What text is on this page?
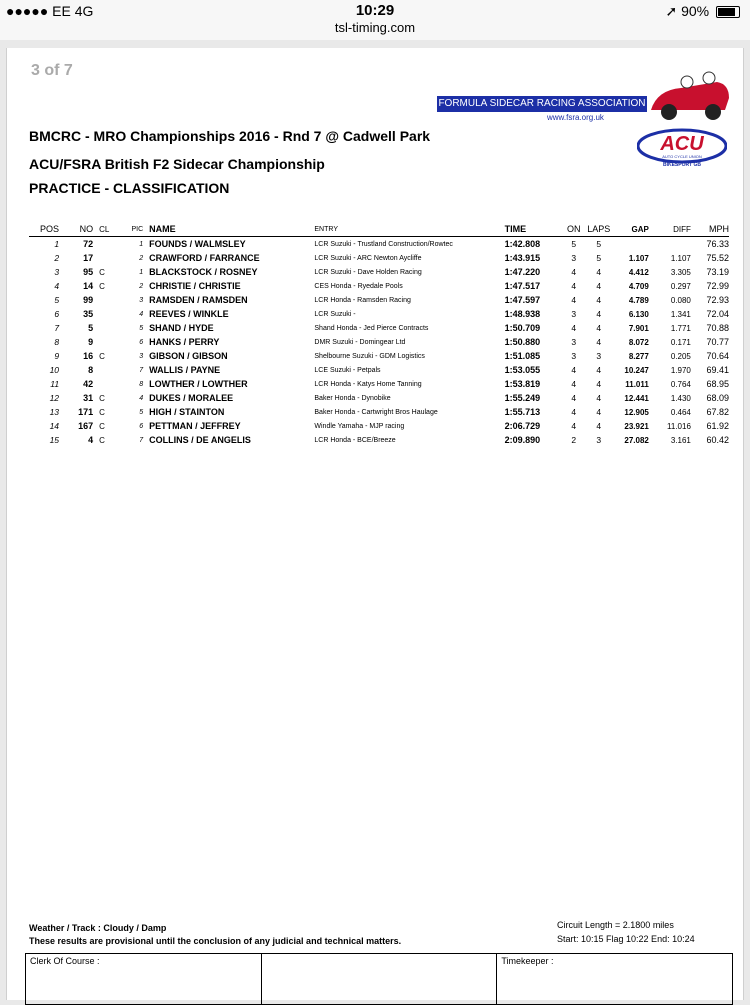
●●●●● EE 4G	10:29
tsl-timing.com
➚ 90%
3 of 7
FORMULA SIDECAR RACING ASSOCIATION
www.fsra.org.uk
ACU
AUTO CYCLE UNION
BIKESPORT GB
BMCRC - MRO Championships 2016 - Rnd 7 @ Cadwell Park
ACU/FSRA British F2 Sidecar Championship
PRACTICE - CLASSIFICATION
POS	NO	CL	PIC	NAME	ENTRY	TIME	ON	LAPS	GAP	DIFF	MPH
1	72		1	FOUNDS / WALMSLEY	LCR Suzuki - Trustland Construction/Rowtec	1:42.808	5	5			76.33
2	17		2	CRAWFORD / FARRANCE	LCR Suzuki - ARC Newton Aycliffe	1:43.915	3	5	1.107	1.107	75.52
3	95	C	1	BLACKSTOCK / ROSNEY	LCR Suzuki - Dave Holden Racing	1:47.220	4	4	4.412	3.305	73.19
4	14	C	2	CHRISTIE / CHRISTIE	CES Honda - Ryedale Pools	1:47.517	4	4	4.709	0.297	72.99
5	99		3	RAMSDEN / RAMSDEN	LCR Honda - Ramsden Racing	1:47.597	4	4	4.789	0.080	72.93
6	35		4	REEVES / WINKLE	LCR Suzuki -	1:48.938	3	4	6.130	1.341	72.04
7	5		5	SHAND / HYDE	Shand Honda - Jed Pierce Contracts	1:50.709	4	4	7.901	1.771	70.88
8	9		6	HANKS / PERRY	DMR Suzuki - Domingear Ltd	1:50.880	3	4	8.072	0.171	70.77
9	16	C	3	GIBSON / GIBSON	Shelbourne Suzuki - GDM Logistics	1:51.085	3	3	8.277	0.205	70.64
10	8		7	WALLIS / PAYNE	LCE Suzuki - Petpals	1:53.055	4	4	10.247	1.970	69.41
11	42		8	LOWTHER / LOWTHER	LCR Honda - Katys Home Tanning	1:53.819	4	4	11.011	0.764	68.95
12	31	C	4	DUKES / MORALEE	Baker Honda - Dynobike	1:55.249	4	4	12.441	1.430	68.09
13	171	C	5	HIGH / STAINTON	Baker Honda - Cartwright Bros Haulage	1:55.713	4	4	12.905	0.464	67.82
14	167	C	6	PETTMAN / JEFFREY	Windle Yamaha - MJP racing	2:06.729	4	4	23.921	11.016	61.92
15	4	C	7	COLLINS / DE ANGELIS	LCR Honda - BCE/Breeze	2:09.890	2	3	27.082	3.161	60.42
Weather / Track : Cloudy / Damp
These results are provisional until the conclusion of any judicial and technical matters.
Circuit Length = 2.1800 miles
Start: 10:15 Flag 10:22 End: 10:24
Clerk Of Course :	Timekeeper :
